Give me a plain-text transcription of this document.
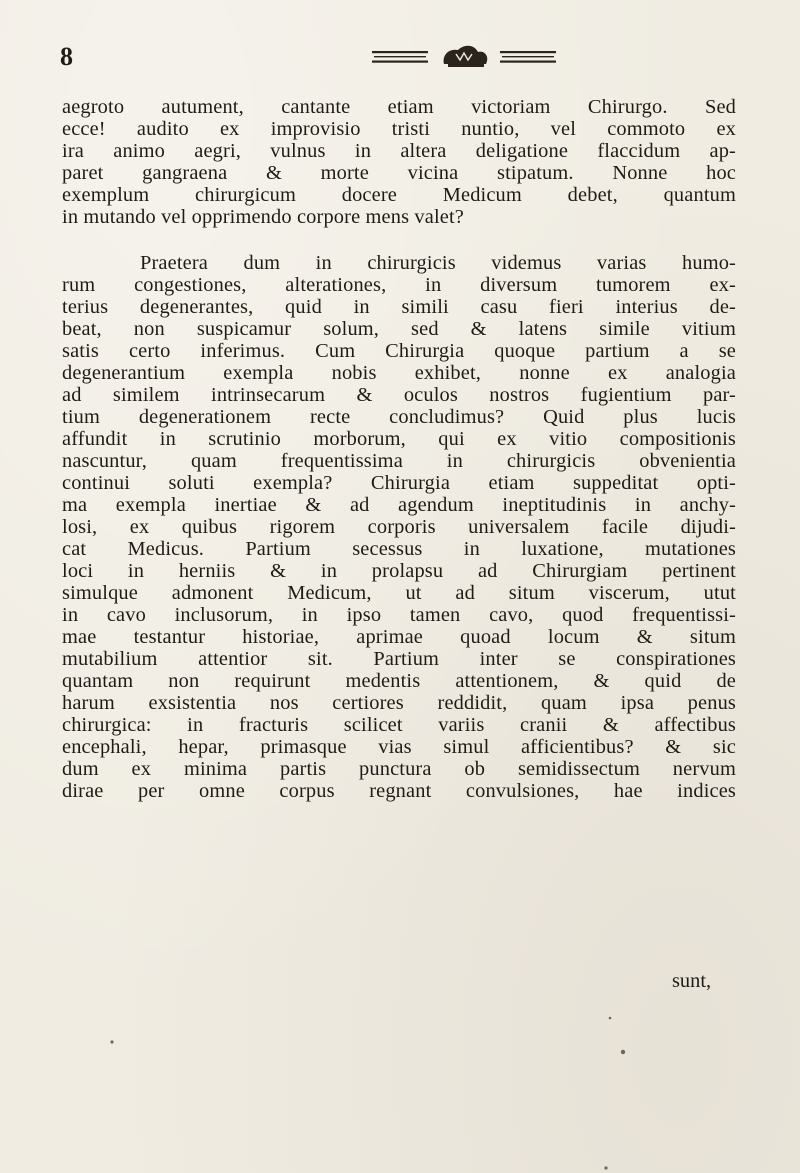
8
aegroto autument, cantante etiam victoriam Chirurgo. Sed
ecce! audito ex improvisio tristi nuntio, vel commoto ex
ira animo aegri, vulnus in altera deligatione flaccidum ap-
paret gangraena & morte vicina stipatum. Nonne hoc
exemplum chirurgicum docere Medicum debet, quantum
in mutando vel opprimendo corpore mens valet?
Praetera dum in chirurgicis videmus varias humo-
rum congestiones, alterationes, in diversum tumorem ex-
terius degenerantes, quid in simili casu fieri interius de-
beat, non suspicamur solum, sed & latens simile vitium
satis certo inferimus. Cum Chirurgia quoque partium a se
degenerantium exempla nobis exhibet, nonne ex analogia
ad similem intrinsecarum & oculos nostros fugientium par-
tium degenerationem recte concludimus? Quid plus lucis
affundit in scrutinio morborum, qui ex vitio compositionis
nascuntur, quam frequentissima in chirurgicis obvenientia
continui soluti exempla? Chirurgia etiam suppeditat opti-
ma exempla inertiae & ad agendum ineptitudinis in anchy-
losi, ex quibus rigorem corporis universalem facile dijudi-
cat Medicus. Partium secessus in luxatione, mutationes
loci in herniis & in prolapsu ad Chirurgiam pertinent
simulque admonent Medicum, ut ad situm viscerum, utut
in cavo inclusorum, in ipso tamen cavo, quod frequentissi-
mae testantur historiae, aprimae quoad locum & situm
mutabilium attentior sit. Partium inter se conspirationes
quantam non requirunt medentis attentionem, & quid de
harum exsistentia nos certiores reddidit, quam ipsa penus
chirurgica: in fracturis scilicet variis cranii & affectibus
encephali, hepar, primasque vias simul afficientibus? & sic
dum ex minima partis punctura ob semidissectum nervum
dirae per omne corpus regnant convulsiones, hae indices
sunt,
